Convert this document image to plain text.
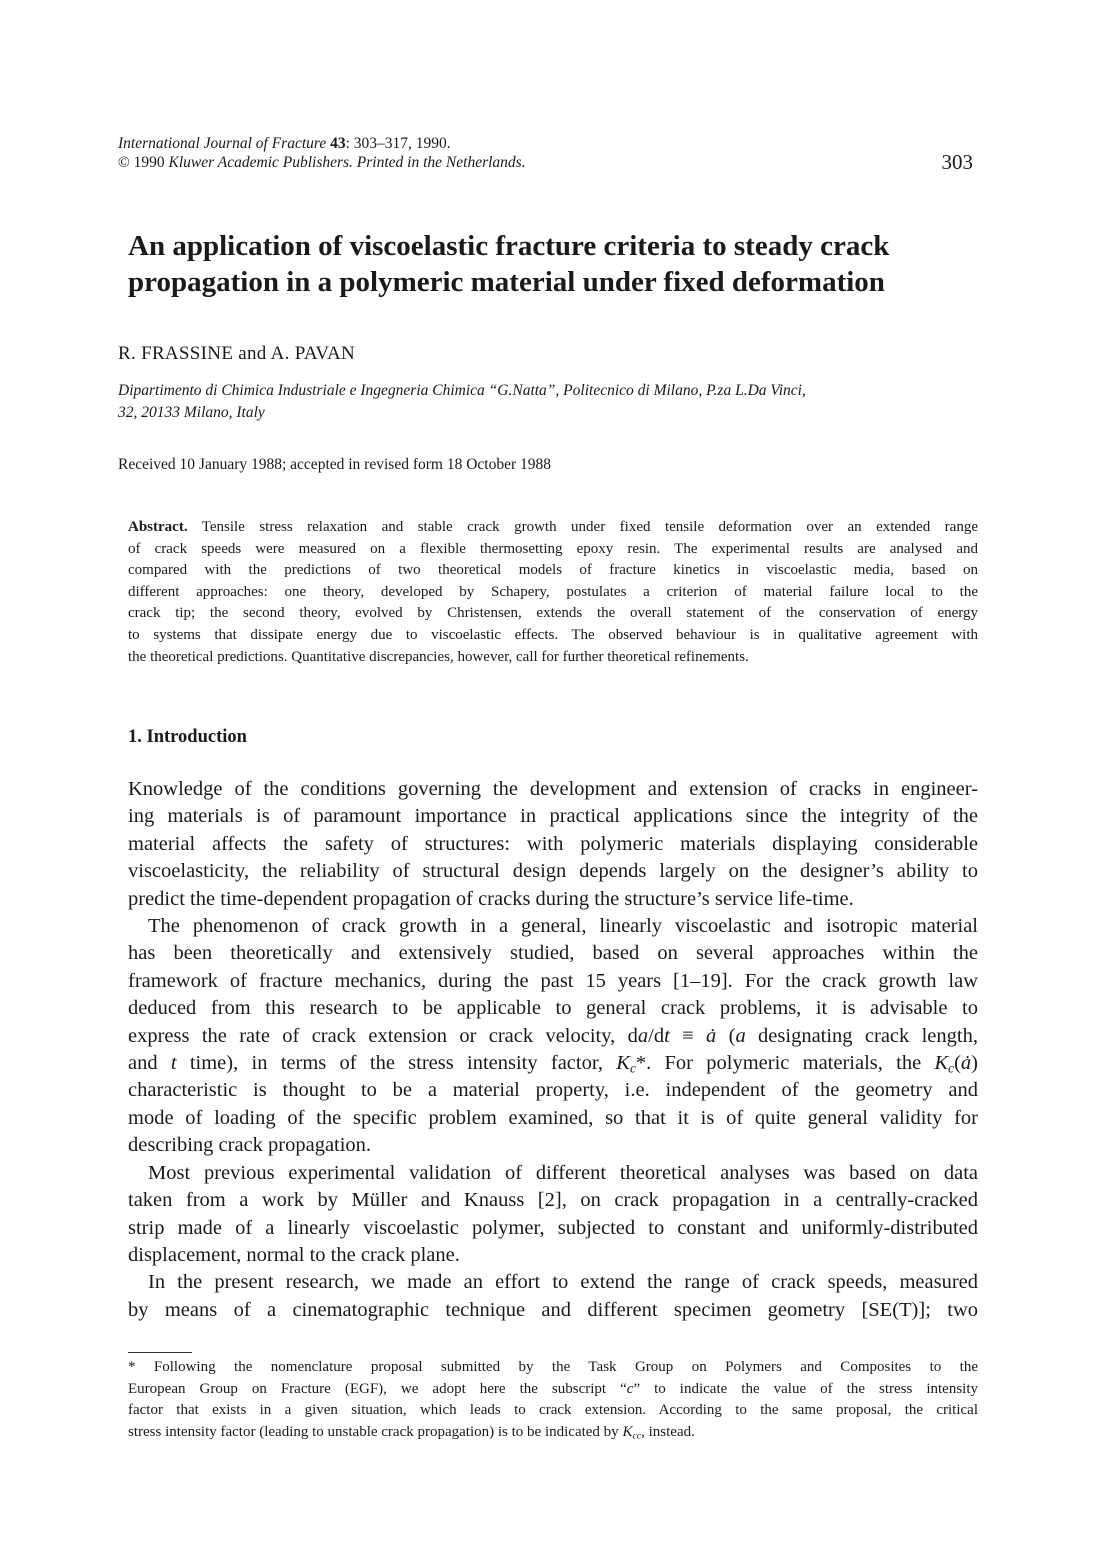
International Journal of Fracture 43: 303–317, 1990.
© 1990 Kluwer Academic Publishers. Printed in the Netherlands.	303
An application of viscoelastic fracture criteria to steady crack
propagation in a polymeric material under fixed deformation
R. FRASSINE and A. PAVAN
Dipartimento di Chimica Industriale e Ingegneria Chimica “G.Natta”, Politecnico di Milano, P.za L.Da Vinci,
32, 20133 Milano, Italy
Received 10 January 1988; accepted in revised form 18 October 1988
Abstract. Tensile stress relaxation and stable crack growth under fixed tensile deformation over an extended range
of crack speeds were measured on a flexible thermosetting epoxy resin. The experimental results are analysed and
compared with the predictions of two theoretical models of fracture kinetics in viscoelastic media, based on
different approaches: one theory, developed by Schapery, postulates a criterion of material failure local to the
crack tip; the second theory, evolved by Christensen, extends the overall statement of the conservation of energy
to systems that dissipate energy due to viscoelastic effects. The observed behaviour is in qualitative agreement with
the theoretical predictions. Quantitative discrepancies, however, call for further theoretical refinements.
1. Introduction
Knowledge of the conditions governing the development and extension of cracks in engineer-
ing materials is of paramount importance in practical applications since the integrity of the
material affects the safety of structures: with polymeric materials displaying considerable
viscoelasticity, the reliability of structural design depends largely on the designer’s ability to
predict the time-dependent propagation of cracks during the structure’s service life-time.
The phenomenon of crack growth in a general, linearly viscoelastic and isotropic material
has been theoretically and extensively studied, based on several approaches within the
framework of fracture mechanics, during the past 15 years [1–19]. For the crack growth law
deduced from this research to be applicable to general crack problems, it is advisable to
express the rate of crack extension or crack velocity, da/dt ≡ ȧ (a designating crack length,
and t time), in terms of the stress intensity factor, $K_c*$. For polymeric materials, the $K_c(ȧ)$
characteristic is thought to be a material property, i.e. independent of the geometry and
mode of loading of the specific problem examined, so that it is of quite general validity for
describing crack propagation.
Most previous experimental validation of different theoretical analyses was based on data
taken from a work by Müller and Knauss [2], on crack propagation in a centrally-cracked
strip made of a linearly viscoelastic polymer, subjected to constant and uniformly-distributed
displacement, normal to the crack plane.
In the present research, we made an effort to extend the range of crack speeds, measured
by means of a cinematographic technique and different specimen geometry [SE(T)]; two
* Following the nomenclature proposal submitted by the Task Group on Polymers and Composites to the
European Group on Fracture (EGF), we adopt here the subscript “c” to indicate the value of the stress intensity
factor that exists in a given situation, which leads to crack extension. According to the same proposal, the critical
stress intensity factor (leading to unstable crack propagation) is to be indicated by $K_{cc}$, instead.
